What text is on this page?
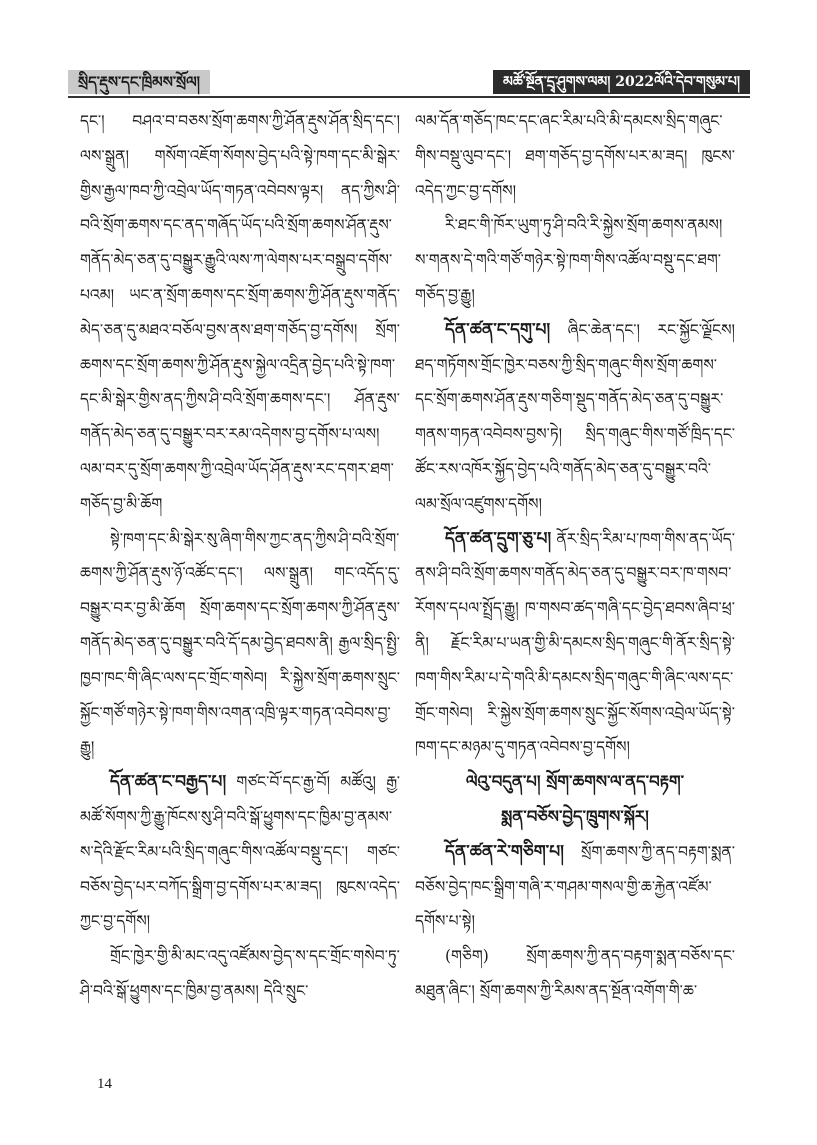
སྲིད་རྡུས་དང་ཁྲིམས་སྲོལ།	མཚོ་སྔོན་དྲྭ་ཤུགས་ལམ། 2022ལོའི་དེབ་གསུམ་པ།

དང་། བཤའ་བ་བཅས་སྲོག་ཆགས་ཀྱི་ཤོན་རྡུས་ཤོན་སྲིད་དང་། ལས་སྒྲུན། གསོག་འཇོག་སོགས་བྱེད་པའི་སྟེ་ཁག་དང་མི་སྒེར་གྱིས་རྒྱལ་ཁབ་ཀྱི་འབྲེལ་ཡོད་གཏན་འབེབས་ལྟར། ནད་ཀྱིས་ཤི་བའི་སྲོག་ཆགས་དང་ནད་གཞོད་ཡོད་པའི་སྲོག་ཆགས་ཤོན་རྡུས་གནོད་མེད་ཅན་དུ་བསྒྱུར་རྒྱུའི་ལས་ཀ་ལེགས་པར་བསྒྲུབ་དགོས་པའམ། ཡང་ན་སྲོག་ཆགས་དང་སྲོག་ཆགས་ཀྱི་ཤོན་རྡུས་གནོད་མེད་ཅན་དུ་མཐའ་བཅོལ་བྱས་ནས་ཐག་གཅོད་བྱ་དགོས། སྲོག་ཆགས་དང་སྲོག་ཆགས་ཀྱི་ཤོན་རྡུས་སྐྱེལ་འདྲིན་བྱེད་པའི་སྟེ་ཁག་དང་མི་སྒེར་གྱིས་ནད་ཀྱིས་ཤི་བའི་སྲོག་ཆགས་དང་། ཤོན་རྡུས་གནོད་མེད་ཅན་དུ་བསྒྱུར་བར་རམ་འདེགས་བྱ་དགོས་པ་ལས། ལམ་བར་དུ་སྲོག་ཆགས་ཀྱི་འབྲེལ་ཡོད་ཤོན་རྡུས་རང་དགར་ཐག་གཅོད་བྱ་མི་ཆོག

སྟེ་ཁག་དང་མི་སྒེར་སུ་ཞིག་གིས་ཀྱང་ནད་ཀྱིས་ཤི་བའི་སྲོག་ཆགས་ཀྱི་ཤོན་རྡུས་ཉོ་འཚོང་དང་། ལས་སྒྲུན། གང་འདོད་དུ་བསྒྱུར་བར་བྱ་མི་ཆོག སྲོག་ཆགས་དང་སྲོག་ཆགས་ཀྱི་ཤོན་རྡུས་གནོད་མེད་ཅན་དུ་བསྒྱུར་བའི་དོ་དམ་བྱེད་ཐབས་ནི། རྒྱལ་སྲིད་སྤྱི་ཁྱབ་ཁང་གི་ཞིང་ལས་དང་གྲོང་གསེབ། རི་སྐྱེས་སྲོག་ཆགས་སྲུང་སྐྱོང་གཙོ་གཉེར་སྟེ་ཁག་གིས་འགན་འཁྲི་ལྟར་གཏན་འབེབས་བྱ་རྒྱུ།

དོན་ཚན་ང་བརྒྱད་པ། གཙང་བོ་དང་རྒྱ་བོ། མཚོའུ། རྒྱ་མཚོ་སོགས་ཀྱི་རྒྱུ་ཁོངས་སུ་ཤི་བའི་སྒོ་ཕྱུགས་དང་ཁྱིམ་བྱ་ནམས་ས་དེའི་རྫོང་རིམ་པའི་སྲིད་གཞུང་གིས་འཚོལ་བསྡུ་དང་། གཙང་བཅོས་བྱེད་པར་བཀོད་སྒྲིག་བྱ་དགོས་པར་མ་ཟད། ཁུངས་འདེད་ཀྱང་བྱ་དགོས།

གྲོང་ཁྱེར་གྱི་མི་མང་འདུ་འཛོམས་བྱེད་ས་དང་གྲོང་གསེབ་ཏུ་ཤི་བའི་སྒོ་ཕྱུགས་དང་ཁྱིམ་བྱ་ནམས། དེའི་སྲུང་

ལམ་དོན་གཅོད་ཁང་དང་ཞང་རིམ་པའི་མི་དམངས་སྲིད་གཞུང་གིས་བསྡུ་ལུབ་དང་། ཐག་གཅོད་བྱ་དགོས་པར་མ་ཟད། ཁུངས་འདེད་ཀྱང་བྱ་དགོས།

རི་ཐང་གི་ཁོར་ཡུག་ཏུ་ཤི་བའི་རི་སྐྱེས་སྲོག་ཆགས་ནམས། ས་གནས་དེ་གའི་གཙོ་གཉེར་སྟེ་ཁག་གིས་འཚོལ་བསྡུ་དང་ཐག་གཅོད་བྱ་རྒྱུ།

དོན་ཚན་ང་དགུ་པ། ཞིང་ཆེན་དང་། རང་སྐྱོང་ལྗོངས། ཐད་གཏོགས་གྲོང་ཁྱེར་བཅས་ཀྱི་སྲིད་གཞུང་གིས་སྲོག་ཆགས་དང་སྲོག་ཆགས་ཤོན་རྡུས་གཅིག་སྡུད་གནོད་མེད་ཅན་དུ་བསྒྱུར་གནས་གཏན་འབེབས་བྱས་ཏེ། སྲིད་གཞུང་གིས་གཙོ་ཁྲིད་དང་ཚོང་རས་འཁོར་སྐྱོད་བྱེད་པའི་གནོད་མེད་ཅན་དུ་བསྒྱུར་བའི་ལམ་སྲོལ་འཛུགས་དགོས།

དོན་ཚན་དྲུག་ཅུ་པ། ནོར་སྲིད་རིམ་པ་ཁག་གིས་ནད་ཡོད་ནས་ཤི་བའི་སྲོག་ཆགས་གནོད་མེད་ཅན་དུ་བསྒྱུར་བར་ཁ་གསབ་རོགས་དཔལ་སྤྲོད་རྒྱུ། ཁ་གསབ་ཚད་གཞི་དང་བྱེད་ཐབས་ཞིབ་ཕྲ་ནི། རྗོང་རིམ་པ་ཡན་གྱི་མི་དམངས་སྲིད་གཞུང་གི་ནོར་སྲིད་སྟེ་ཁག་གིས་རིམ་པ་དེ་གའི་མི་དམངས་སྲིད་གཞུང་གི་ཞིང་ལས་དང་གྲོང་གསེབ། རི་སྐྱེས་སྲོག་ཆགས་སྲུང་སྐྱོང་སོགས་འབྲེལ་ཡོད་སྟེ་ཁག་དང་མཉམ་དུ་གཏན་འབེབས་བྱ་དགོས།

ལེའུ་བདུན་པ། སྲོག་ཆགས་ལ་ནད་བརྟག་

སྨན་བཅོས་བྱེད་ཁྲུགས་སྐོར།

དོན་ཚན་རེ་གཅིག་པ། སྲོག་ཆགས་ཀྱི་ནད་བརྟག་སྨན་བཅོས་བྱེད་ཁང་སྒྲིག་གཞི་ར་གཤམ་གསལ་གྱི་ཆ་རྐྱེན་འཛོམ་དགོས་པ་སྟེ།

(གཅིག) སྲོག་ཆགས་ཀྱི་ནད་བརྟག་སྨན་བཅོས་དང་མཐུན་ཞིང་། སྲོག་ཆགས་ཀྱི་རིམས་ནད་སྔོན་འགོག་གི་ཆ་

14
